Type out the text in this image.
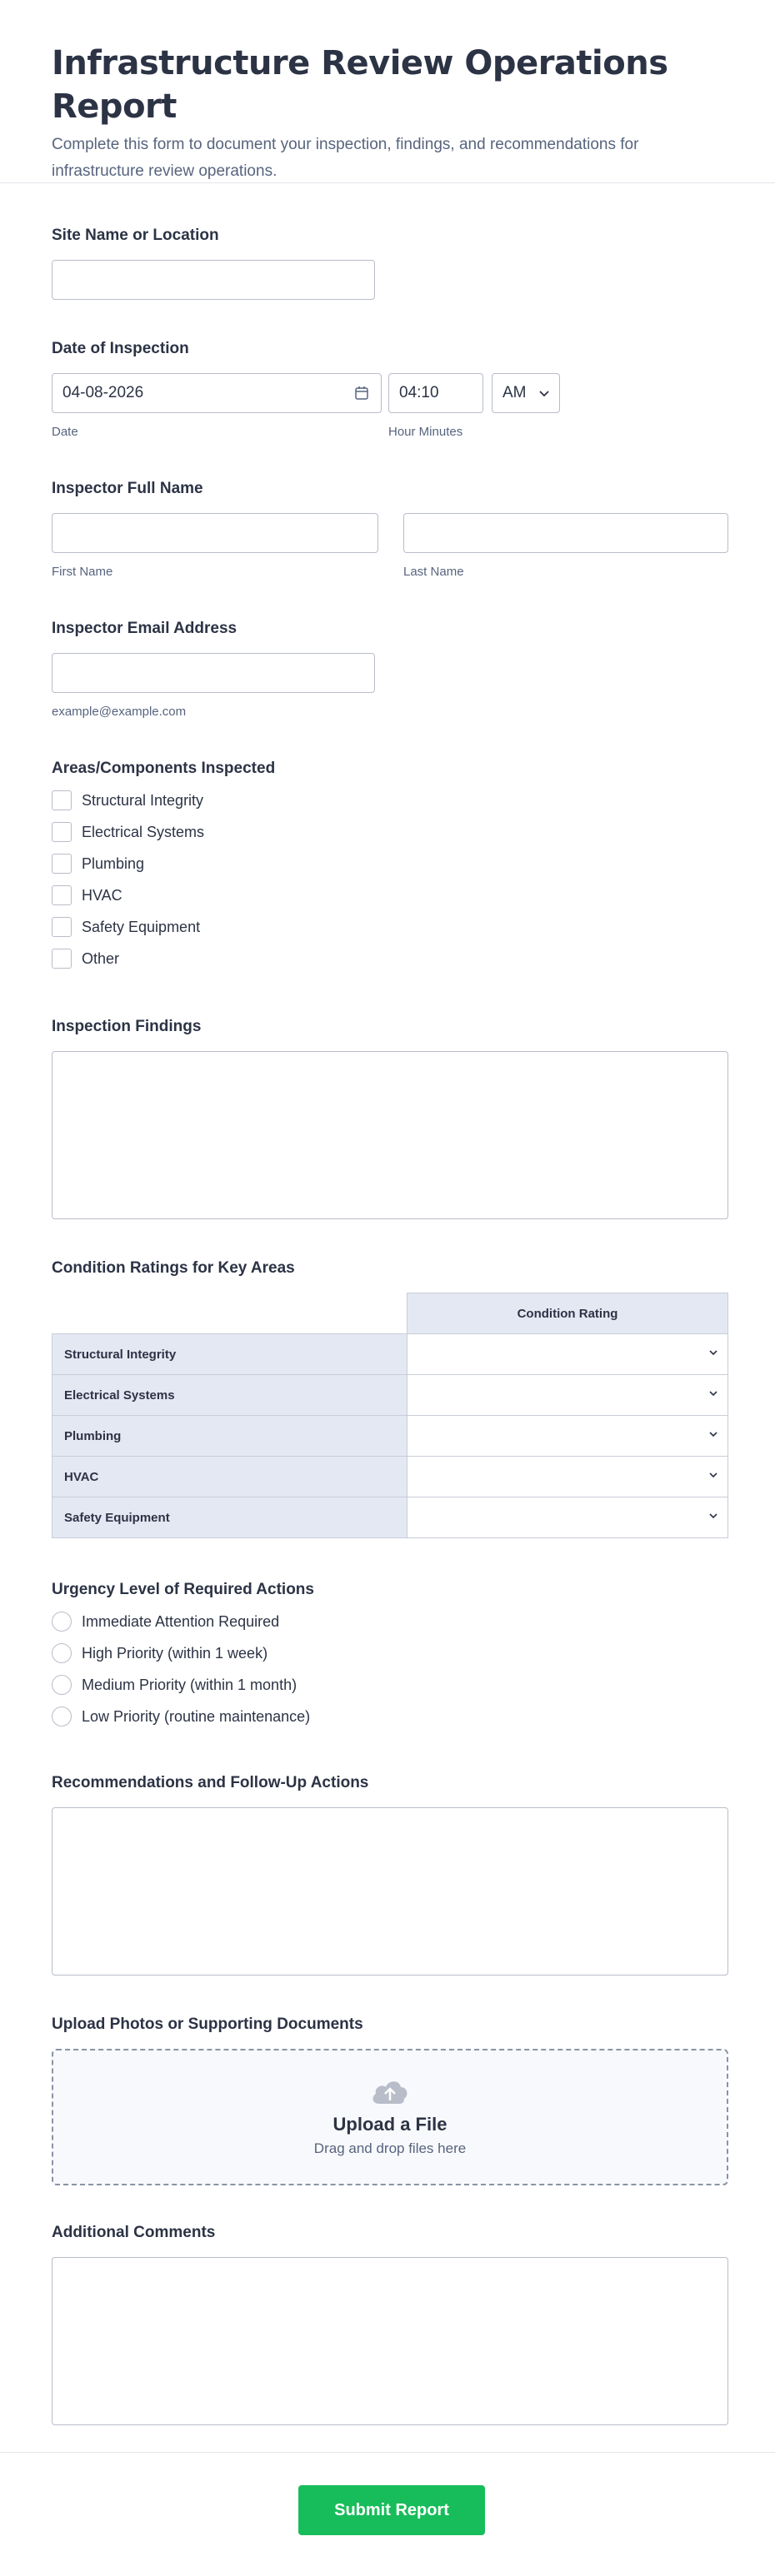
Infrastructure Review Operations Report

Complete this form to document your inspection, findings, and recommendations for infrastructure review operations.

Site Name or Location
Date of Inspection
04-08-2026
Date
04:10
Hour Minutes
AM
Inspector Full Name
First Name	Last Name
Inspector Email Address
example@example.com
Areas/Components Inspected
Structural Integrity
Electrical Systems
Plumbing
HVAC
Safety Equipment
Other
Inspection Findings
Condition Ratings for Key Areas
	Condition Rating
Structural Integrity	

Electrical Systems	

Plumbing	

HVAC	

Safety Equipment	
Urgency Level of Required Actions
Immediate Attention Required
High Priority (within 1 week)
Medium Priority (within 1 month)
Low Priority (routine maintenance)
Recommendations and Follow-Up Actions
Upload Photos or Supporting Documents
Upload a File
Drag and drop files here
Additional Comments
Submit Report
